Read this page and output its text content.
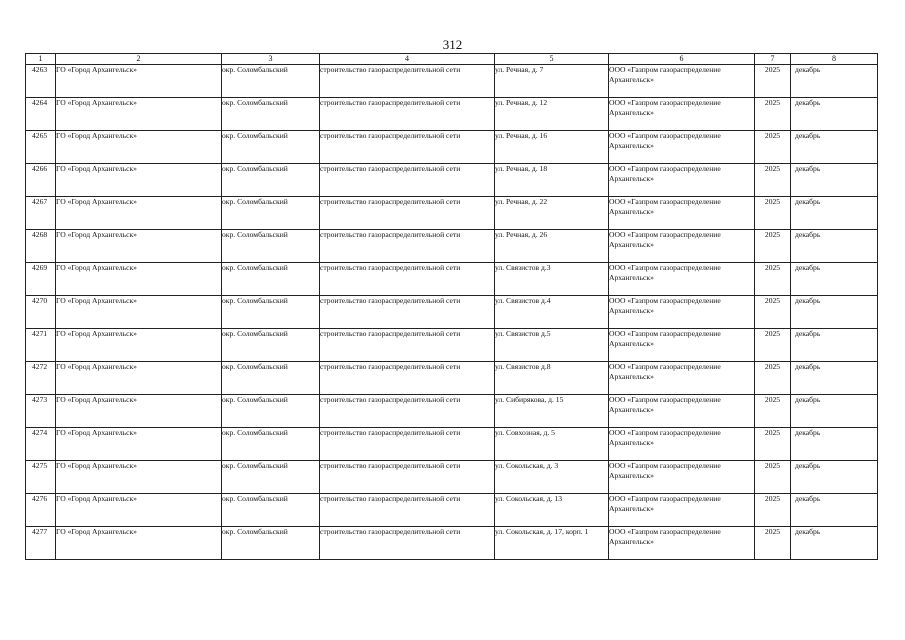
312
1	2	3	4	5	6	7	8
4263	ГО «Город Архангельск»	окр. Соломбальский	строительство газораспределительной сети	ул. Речная, д. 7	ООО «Газпром газораспределение Архангельск»	2025	декабрь
4264	ГО «Город Архангельск»	окр. Соломбальский	строительство газораспределительной сети	ул. Речная, д. 12	ООО «Газпром газораспределение Архангельск»	2025	декабрь
4265	ГО «Город Архангельск»	окр. Соломбальский	строительство газораспределительной сети	ул. Речная, д. 16	ООО «Газпром газораспределение Архангельск»	2025	декабрь
4266	ГО «Город Архангельск»	окр. Соломбальский	строительство газораспределительной сети	ул. Речная, д. 18	ООО «Газпром газораспределение Архангельск»	2025	декабрь
4267	ГО «Город Архангельск»	окр. Соломбальский	строительство газораспределительной сети	ул. Речная, д. 22	ООО «Газпром газораспределение Архангельск»	2025	декабрь
4268	ГО «Город Архангельск»	окр. Соломбальский	строительство газораспределительной сети	ул. Речная, д. 26	ООО «Газпром газораспределение Архангельск»	2025	декабрь
4269	ГО «Город Архангельск»	окр. Соломбальский	строительство газораспределительной сети	ул. Связистов д.3	ООО «Газпром газораспределение Архангельск»	2025	декабрь
4270	ГО «Город Архангельск»	окр. Соломбальский	строительство газораспределительной сети	ул. Связистов д.4	ООО «Газпром газораспределение Архангельск»	2025	декабрь
4271	ГО «Город Архангельск»	окр. Соломбальский	строительство газораспределительной сети	ул. Связистов д.5	ООО «Газпром газораспределение Архангельск»	2025	декабрь
4272	ГО «Город Архангельск»	окр. Соломбальский	строительство газораспределительной сети	ул. Связистов д.8	ООО «Газпром газораспределение Архангельск»	2025	декабрь
4273	ГО «Город Архангельск»	окр. Соломбальский	строительство газораспределительной сети	ул. Сибирякова, д. 15	ООО «Газпром газораспределение Архангельск»	2025	декабрь
4274	ГО «Город Архангельск»	окр. Соломбальский	строительство газораспределительной сети	ул. Совхозная, д. 5	ООО «Газпром газораспределение Архангельск»	2025	декабрь
4275	ГО «Город Архангельск»	окр. Соломбальский	строительство газораспределительной сети	ул. Сокольская, д. 3	ООО «Газпром газораспределение Архангельск»	2025	декабрь
4276	ГО «Город Архангельск»	окр. Соломбальский	строительство газораспределительной сети	ул. Сокольская, д. 13	ООО «Газпром газораспределение Архангельск»	2025	декабрь
4277	ГО «Город Архангельск»	окр. Соломбальский	строительство газораспределительной сети	ул. Сокольская, д. 17, корп. 1	ООО «Газпром газораспределение Архангельск»	2025	декабрь
